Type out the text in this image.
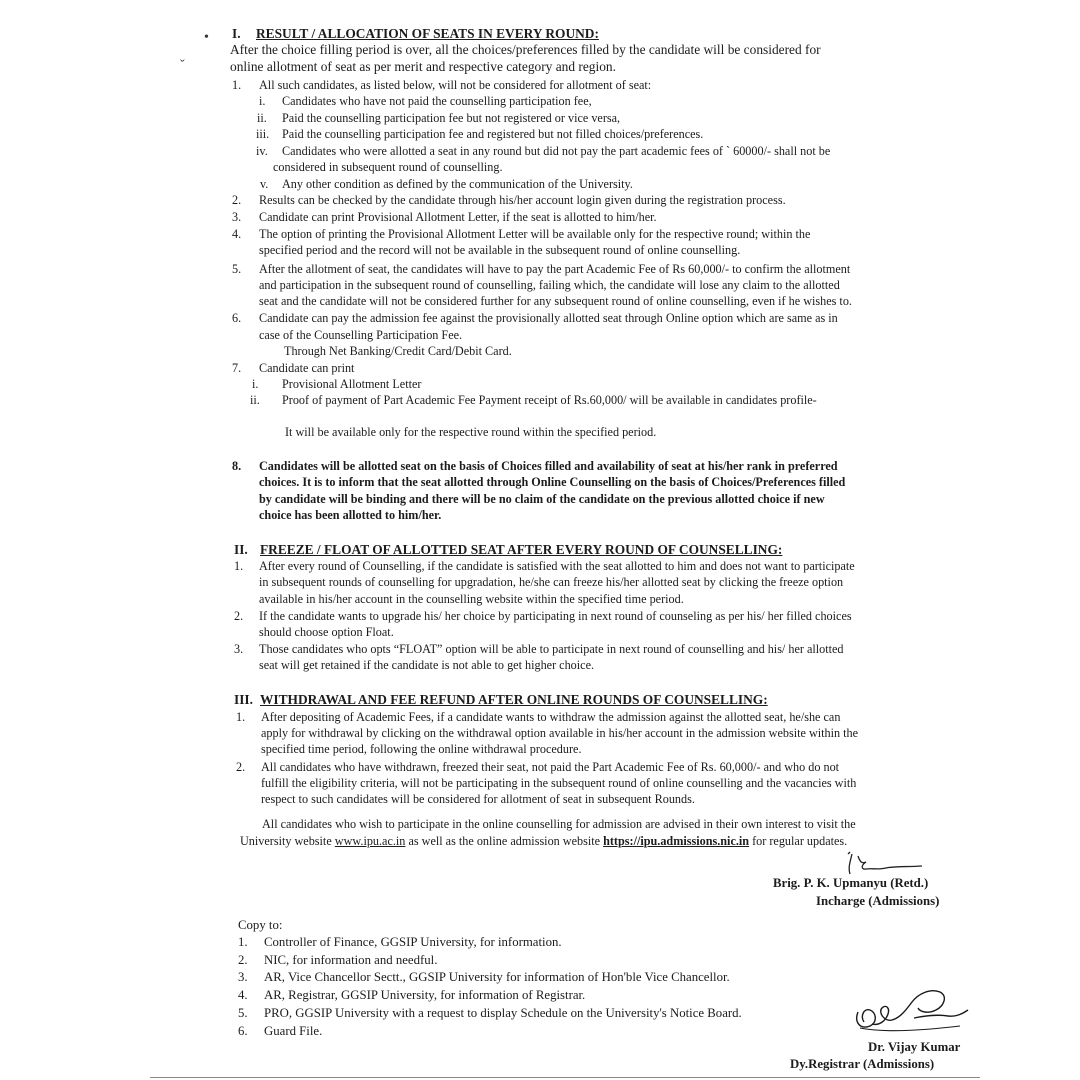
•
ˇ
I. RESULT / ALLOCATION OF SEATS IN EVERY ROUND:
After the choice filling period is over, all the choices/preferences filled by the candidate will be considered for
online allotment of seat as per merit and respective category and region.
1. All such candidates, as listed below, will not be considered for allotment of seat:
i. Candidates who have not paid the counselling participation fee,
ii. Paid the counselling participation fee but not registered or vice versa,
iii. Paid the counselling participation fee and registered but not filled choices/preferences.
iv. Candidates who were allotted a seat in any round but did not pay the part academic fees of ` 60000/- shall not be
considered in subsequent round of counselling.
v. Any other condition as defined by the communication of the University.
2. Results can be checked by the candidate through his/her account login given during the registration process.
3. Candidate can print Provisional Allotment Letter, if the seat is allotted to him/her.
4. The option of printing the Provisional Allotment Letter will be available only for the respective round; within the
specified period and the record will not be available in the subsequent round of online counselling.
5. After the allotment of seat, the candidates will have to pay the part Academic Fee of Rs 60,000/- to confirm the allotment
and participation in the subsequent round of counselling, failing which, the candidate will lose any claim to the allotted
seat and the candidate will not be considered further for any subsequent round of online counselling, even if he wishes to.
6. Candidate can pay the admission fee against the provisionally allotted seat through Online option which are same as in
case of the Counselling Participation Fee.
Through Net Banking/Credit Card/Debit Card.
7. Candidate can print
i. Provisional Allotment Letter
ii. Proof of payment of Part Academic Fee Payment receipt of Rs.60,000/ will be available in candidates profile-
It will be available only for the respective round within the specified period.
8. Candidates will be allotted seat on the basis of Choices filled and availability of seat at his/her rank in preferred
choices. It is to inform that the seat allotted through Online Counselling on the basis of Choices/Preferences filled
by candidate will be binding and there will be no claim of the candidate on the previous allotted choice if new
choice has been allotted to him/her.
II. FREEZE / FLOAT OF ALLOTTED SEAT AFTER EVERY ROUND OF COUNSELLING:
1. After every round of Counselling, if the candidate is satisfied with the seat allotted to him and does not want to participate
in subsequent rounds of counselling for upgradation, he/she can freeze his/her allotted seat by clicking the freeze option
available in his/her account in the counselling website within the specified time period.
2. If the candidate wants to upgrade his/ her choice by participating in next round of counseling as per his/ her filled choices
should choose option Float.
3. Those candidates who opts “FLOAT” option will be able to participate in next round of counselling and his/ her allotted
seat will get retained if the candidate is not able to get higher choice.
III. WITHDRAWAL AND FEE REFUND AFTER ONLINE ROUNDS OF COUNSELLING:
1. After depositing of Academic Fees, if a candidate wants to withdraw the admission against the allotted seat, he/she can
apply for withdrawal by clicking on the withdrawal option available in his/her account in the admission website within the
specified time period, following the online withdrawal procedure.
2. All candidates who have withdrawn, freezed their seat, not paid the Part Academic Fee of Rs. 60,000/- and who do not
fulfill the eligibility criteria, will not be participating in the subsequent round of online counselling and the vacancies with
respect to such candidates will be considered for allotment of seat in subsequent Rounds.
All candidates who wish to participate in the online counselling for admission are advised in their own interest to visit the
University website www.ipu.ac.in as well as the online admission website https://ipu.admissions.nic.in for regular updates.
Brig. P. K. Upmanyu (Retd.)
Incharge (Admissions)
Copy to:
1. Controller of Finance, GGSIP University, for information.
2. NIC, for information and needful.
3. AR, Vice Chancellor Sectt., GGSIP University for information of Hon'ble Vice Chancellor.
4. AR, Registrar, GGSIP University, for information of Registrar.
5. PRO, GGSIP University with a request to display Schedule on the University's Notice Board.
6. Guard File.
Dr. Vijay Kumar
Dy.Registrar (Admissions)
